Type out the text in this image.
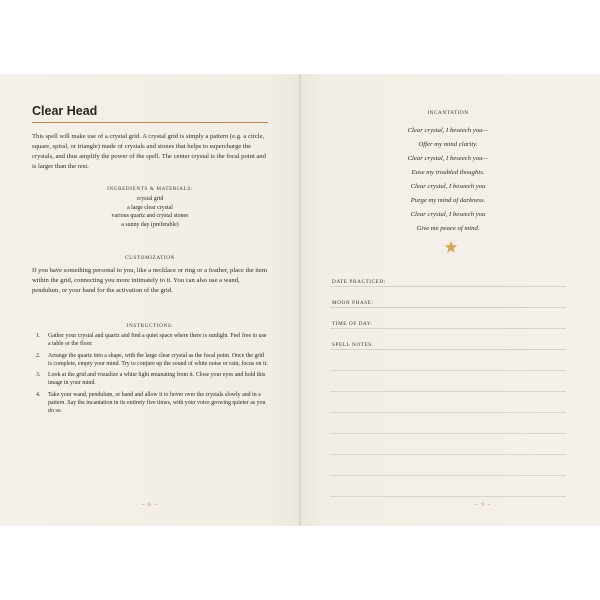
Clear Head

This spell will make use of a crystal grid. A crystal grid is simply a pattern (e.g. a circle, square, spiral, or triangle) made of crystals and stones that helps to supercharge the crystals, and thus amplify the power of the spell. The center crystal is the focal point and is larger than the rest.

INGREDIENTS & MATERIALS:
crystal grid
a large clear crystal
various quartz and crystal stones
a sunny day (preferable)
CUSTOMIZATION

If you have something personal to you, like a necklace or ring or a feather, place the item within the grid, connecting you more intimately to it. You can also use a wand, pendulum, or your hand for the activation of the grid.

INSTRUCTIONS:
1. Gather your crystal and quartz and find a quiet space where there is sunlight. Feel free to use a table or the floor.
2. Arrange the quartz into a shape, with the large clear crystal as the focal point. Once the grid is complete, empty your mind. Try to conjure up the sound of white noise or rain; focus on it.
3. Look at the grid and visualize a white light emanating from it. Close your eyes and hold this image in your mind.
4. Take your wand, pendulum, or hand and allow it to hover over the crystals slowly and in a pattern. Say the incantation in its entirety five times, with your voice growing quieter as you do so.
~ 8 ~	~ 9 ~
INCANTATION
Clear crystal, I beseech you—
Offer my mind clarity.
Clear crystal, I beseech you—
Ease my troubled thoughts.
Clear crystal, I beseech you
Purge my mind of darkness.
Clear crystal, I beseech you
Give me peace of mind.
DATE PRACTICED:
MOON PHASE:
TIME OF DAY:
SPELL NOTES:
